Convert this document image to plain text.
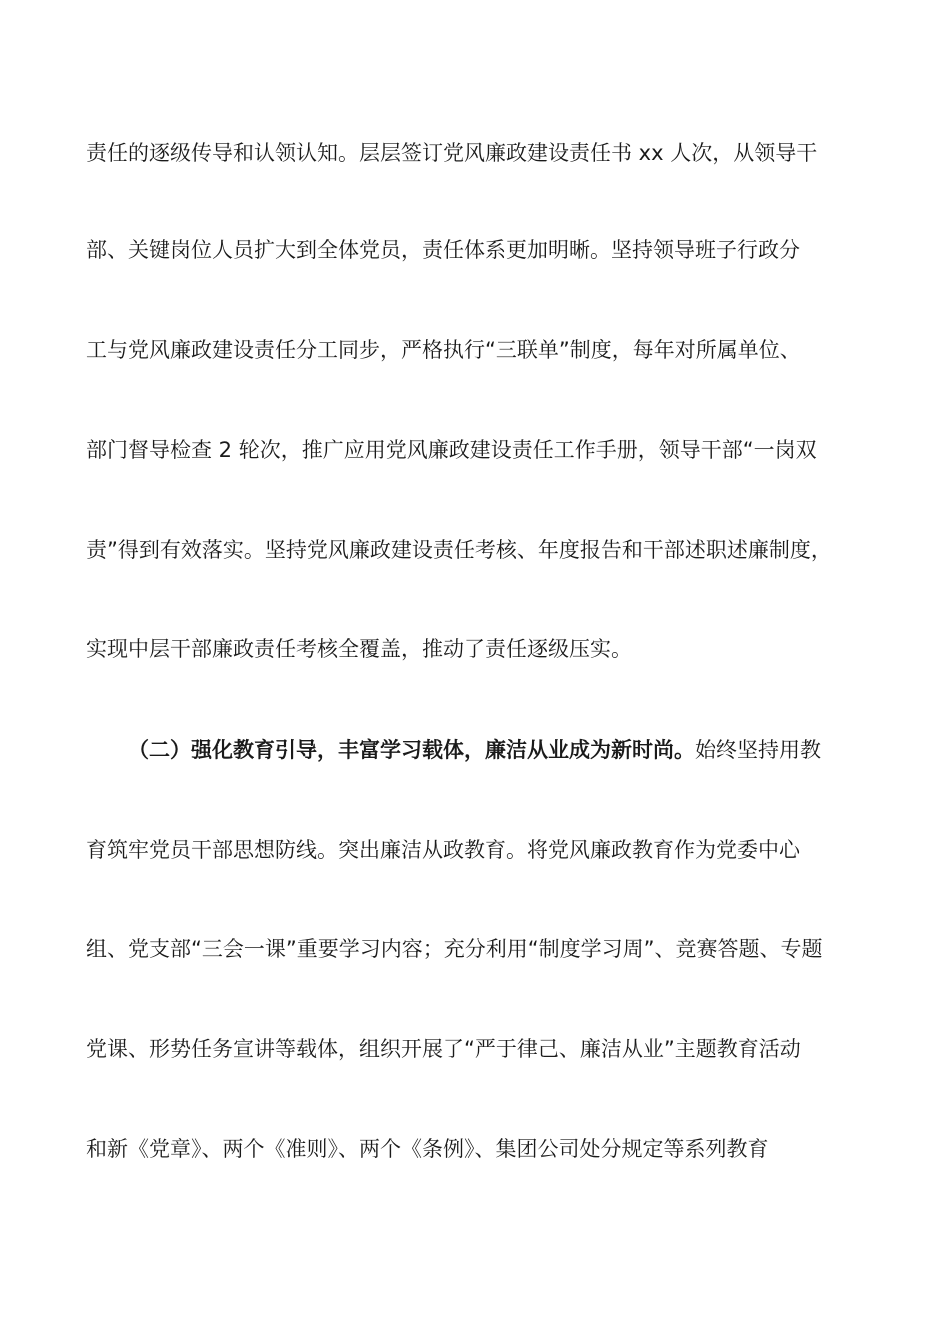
责任的逐级传导和认领认知。层层签订党风廉政建设责任书 xx 人次，从领导干
部、关键岗位人员扩大到全体党员，责任体系更加明晰。坚持领导班子行政分
工与党风廉政建设责任分工同步，严格执行“三联单”制度，每年对所属单位、
部门督导检查 2 轮次，推广应用党风廉政建设责任工作手册，领导干部“一岗双
责”得到有效落实。坚持党风廉政建设责任考核、年度报告和干部述职述廉制度，
实现中层干部廉政责任考核全覆盖，推动了责任逐级压实。
（二）强化教育引导，丰富学习载体，廉洁从业成为新时尚。始终坚持用教
育筑牢党员干部思想防线。突出廉洁从政教育。将党风廉政教育作为党委中心
组、党支部“三会一课”重要学习内容；充分利用“制度学习周”、竞赛答题、专题
党课、形势任务宣讲等载体，组织开展了“严于律己、廉洁从业”主题教育活动
和新《党章》、两个《准则》、两个《条例》、集团公司处分规定等系列教育
